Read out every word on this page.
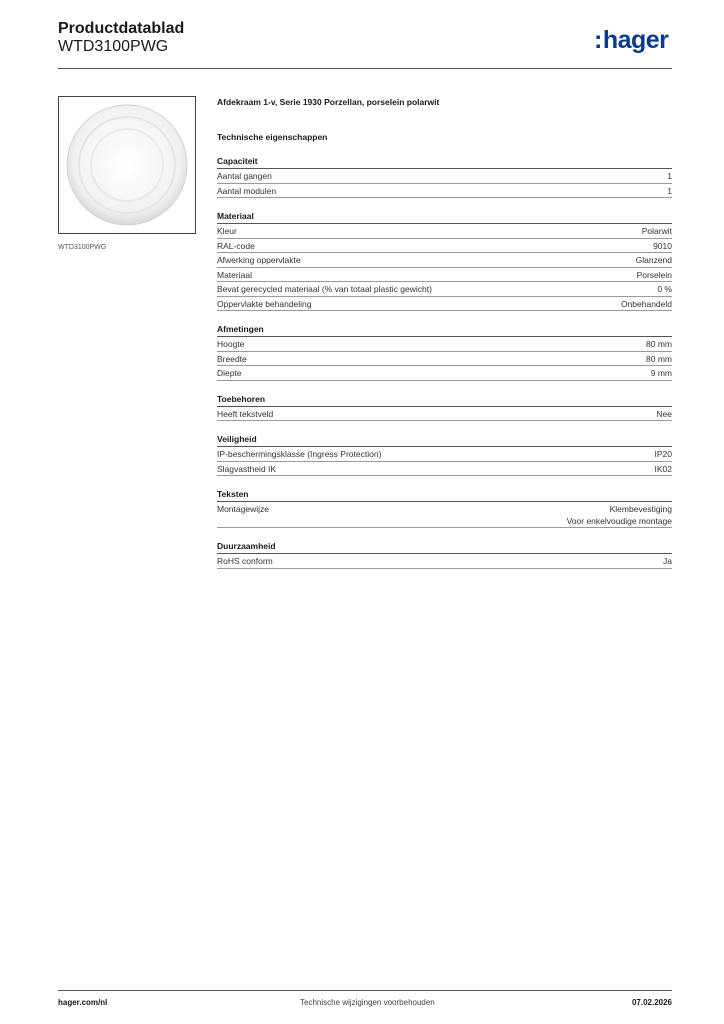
Productdatablad
WTD3100PWG	:hager
WTD3100PWG
Afdekraam 1-v, Serie 1930 Porzellan, porselein polarwit
Technische eigenschappen
Capaciteit
Aantal gangen	1
Aantal modulen	1
Materiaal
Kleur	Polarwit
RAL-code	9010
Afwerking oppervlakte	Glanzend
Materiaal	Porselein
Bevat gerecycled materiaal (% van totaal plastic gewicht)	0 %
Oppervlakte behandeling	Onbehandeld
Afmetingen
Hoogte	80 mm
Breedte	80 mm
Diepte	9 mm
Toebehoren
Heeft tekstveld	Nee
Veiligheid
IP-beschermingsklasse (Ingress Protection)	IP20
Slagvastheid IK	IK02
Teksten
Montagewijze	Klembevestiging
Voor enkelvoudige montage
Duurzaamheid
RoHS conform	Ja
hager.com/nl	Technische wijzigingen voorbehouden	07.02.2026
